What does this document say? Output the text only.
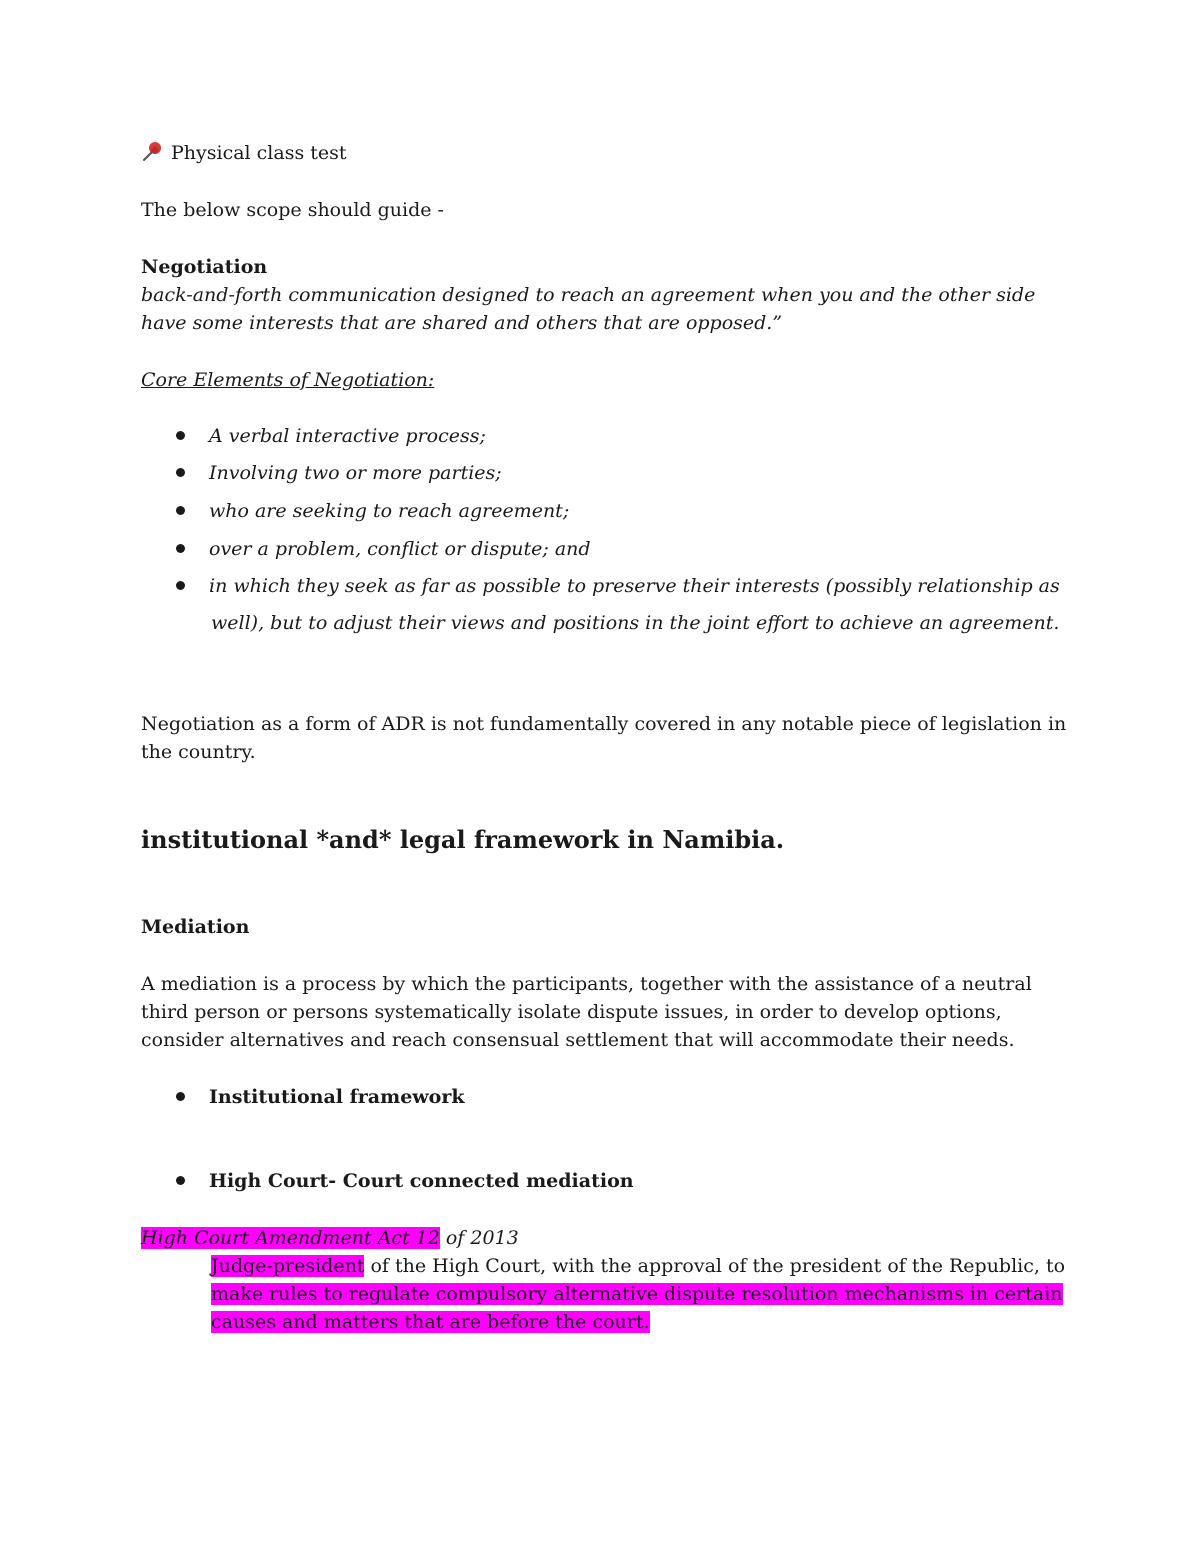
Physical class test
The below scope should guide -
Negotiation
back-and-forth communication designed to reach an agreement when you and the other side
have some interests that are shared and others that are opposed.”
Core Elements of Negotiation:
A verbal interactive process;
Involving two or more parties;
who are seeking to reach agreement;
over a problem, conflict or dispute; and
in which they seek as far as possible to preserve their interests (possibly relationship as
well), but to adjust their views and positions in the joint effort to achieve an agreement.
Negotiation as a form of ADR is not fundamentally covered in any notable piece of legislation in
the country.
institutional *and* legal framework in Namibia.
Mediation
A mediation is a process by which the participants, together with the assistance of a neutral
third person or persons systematically isolate dispute issues, in order to develop options,
consider alternatives and reach consensual settlement that will accommodate their needs.
Institutional framework
High Court- Court connected mediation
High Court Amendment Act 12 of 2013
Judge-president of the High Court, with the approval of the president of the Republic, to
make rules to regulate compulsory alternative dispute resolution mechanisms in certain
causes and matters that are before the court.
